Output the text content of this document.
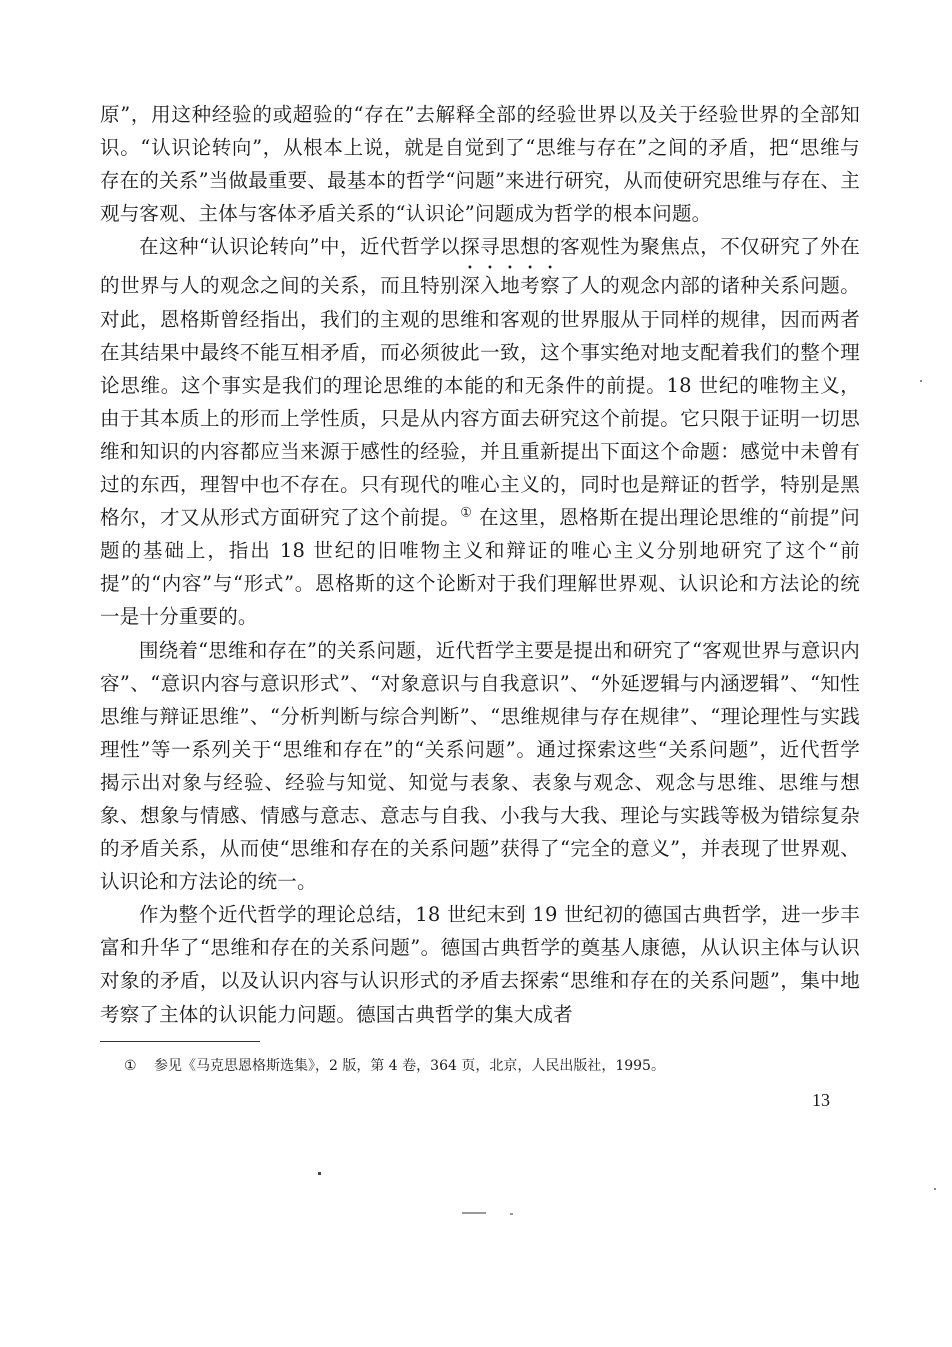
原”，用这种经验的或超验的“存在”去解释全部的经验世界以及关于经验世界的全部知识。“认识论转向”，从根本上说，就是自觉到了“思维与存在”之间的矛盾，把“思维与存在的关系”当做最重要、最基本的哲学“问题”来进行研究，从而使研究思维与存在、主观与客观、主体与客体矛盾关系的“认识论”问题成为哲学的根本问题。

在这种“认识论转向”中，近代哲学以探寻思想的客观性为聚焦点，不仅研究了外在的世界与人的观念之间的关系，而且特别深入地考察了人的观念内部的诸种关系问题。对此，恩格斯曾经指出，我们的主观的思维和客观的世界服从于同样的规律，因而两者在其结果中最终不能互相矛盾，而必须彼此一致，这个事实绝对地支配着我们的整个理论思维。这个事实是我们的理论思维的本能的和无条件的前提。18 世纪的唯物主义，由于其本质上的形而上学性质，只是从内容方面去研究这个前提。它只限于证明一切思维和知识的内容都应当来源于感性的经验，并且重新提出下面这个命题：感觉中未曾有过的东西，理智中也不存在。只有现代的唯心主义的，同时也是辩证的哲学，特别是黑格尔，才又从形式方面研究了这个前提。① 在这里，恩格斯在提出理论思维的“前提”问题的基础上，指出 18 世纪的旧唯物主义和辩证的唯心主义分别地研究了这个“前提”的“内容”与“形式”。恩格斯的这个论断对于我们理解世界观、认识论和方法论的统一是十分重要的。

围绕着“思维和存在”的关系问题，近代哲学主要是提出和研究了“客观世界与意识内容”、“意识内容与意识形式”、“对象意识与自我意识”、“外延逻辑与内涵逻辑”、“知性思维与辩证思维”、“分析判断与综合判断”、“思维规律与存在规律”、“理论理性与实践理性”等一系列关于“思维和存在”的“关系问题”。通过探索这些“关系问题”，近代哲学揭示出对象与经验、经验与知觉、知觉与表象、表象与观念、观念与思维、思维与想象、想象与情感、情感与意志、意志与自我、小我与大我、理论与实践等极为错综复杂的矛盾关系，从而使“思维和存在的关系问题”获得了“完全的意义”，并表现了世界观、认识论和方法论的统一。

作为整个近代哲学的理论总结，18 世纪末到 19 世纪初的德国古典哲学，进一步丰富和升华了“思维和存在的关系问题”。德国古典哲学的奠基人康德，从认识主体与认识对象的矛盾，以及认识内容与认识形式的矛盾去探索“思维和存在的关系问题”，集中地考察了主体的认识能力问题。德国古典哲学的集大成者

① 参见《马克思恩格斯选集》，2 版，第 4 卷，364 页，北京，人民出版社，1995。
13
